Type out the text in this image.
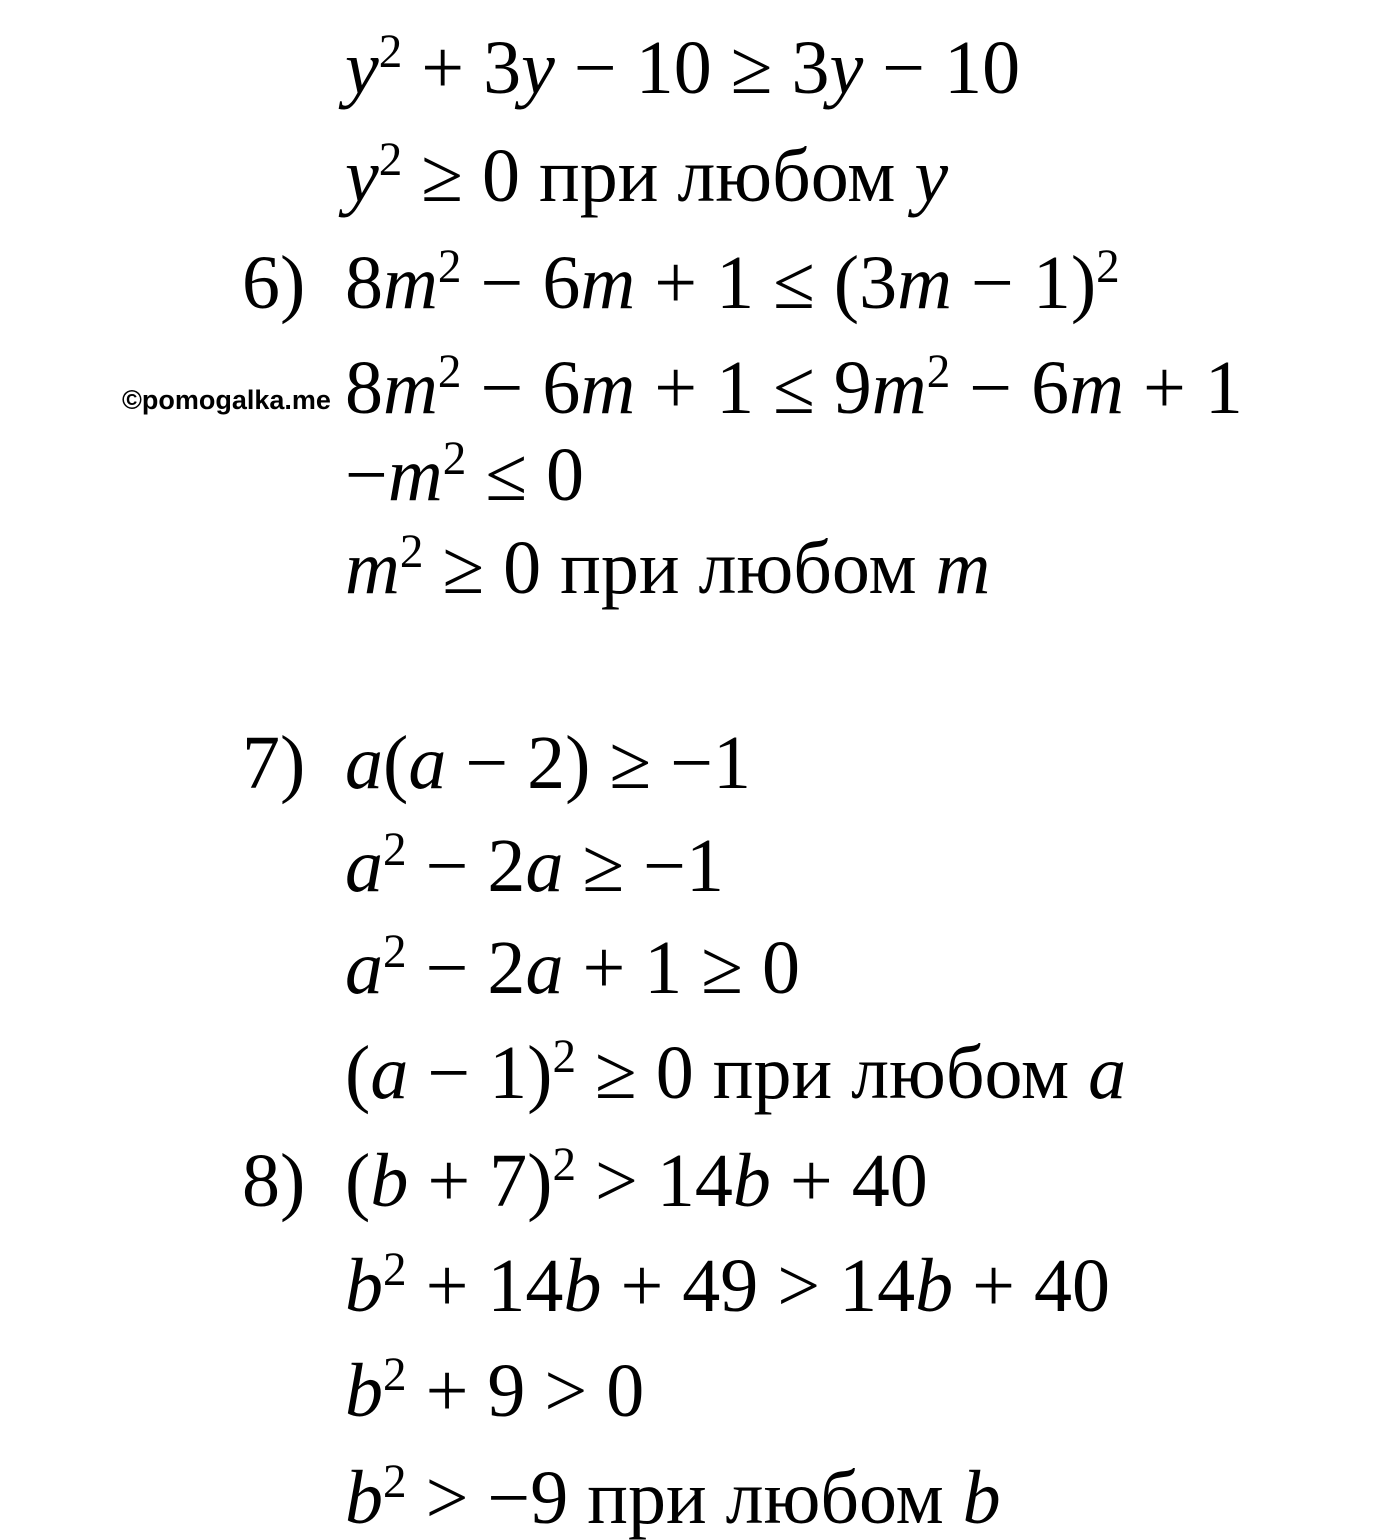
$y^2 + 3y - 10 \ge 3y - 10$
$y^2 \ge 0$ при любом y
6) $8m^2 - 6m + 1 \le (3m - 1)^2$
©pomogalka.me $8m^2 - 6m + 1 \le 9m^2 - 6m + 1$
$-m^2 \le 0$
$m^2 \ge 0$ при любом m
7) a(a − 2) ≥ −1
$a^2 - 2a \ge -1$
$a^2 - 2a + 1 \ge 0$
$(a - 1)^2 \ge 0$ при любом a
8) $(b + 7)^2 > 14b + 40$
$b^2 + 14b + 49 > 14b + 40$
$b^2 + 9 > 0$
$b^2 > -9$ при любом b
